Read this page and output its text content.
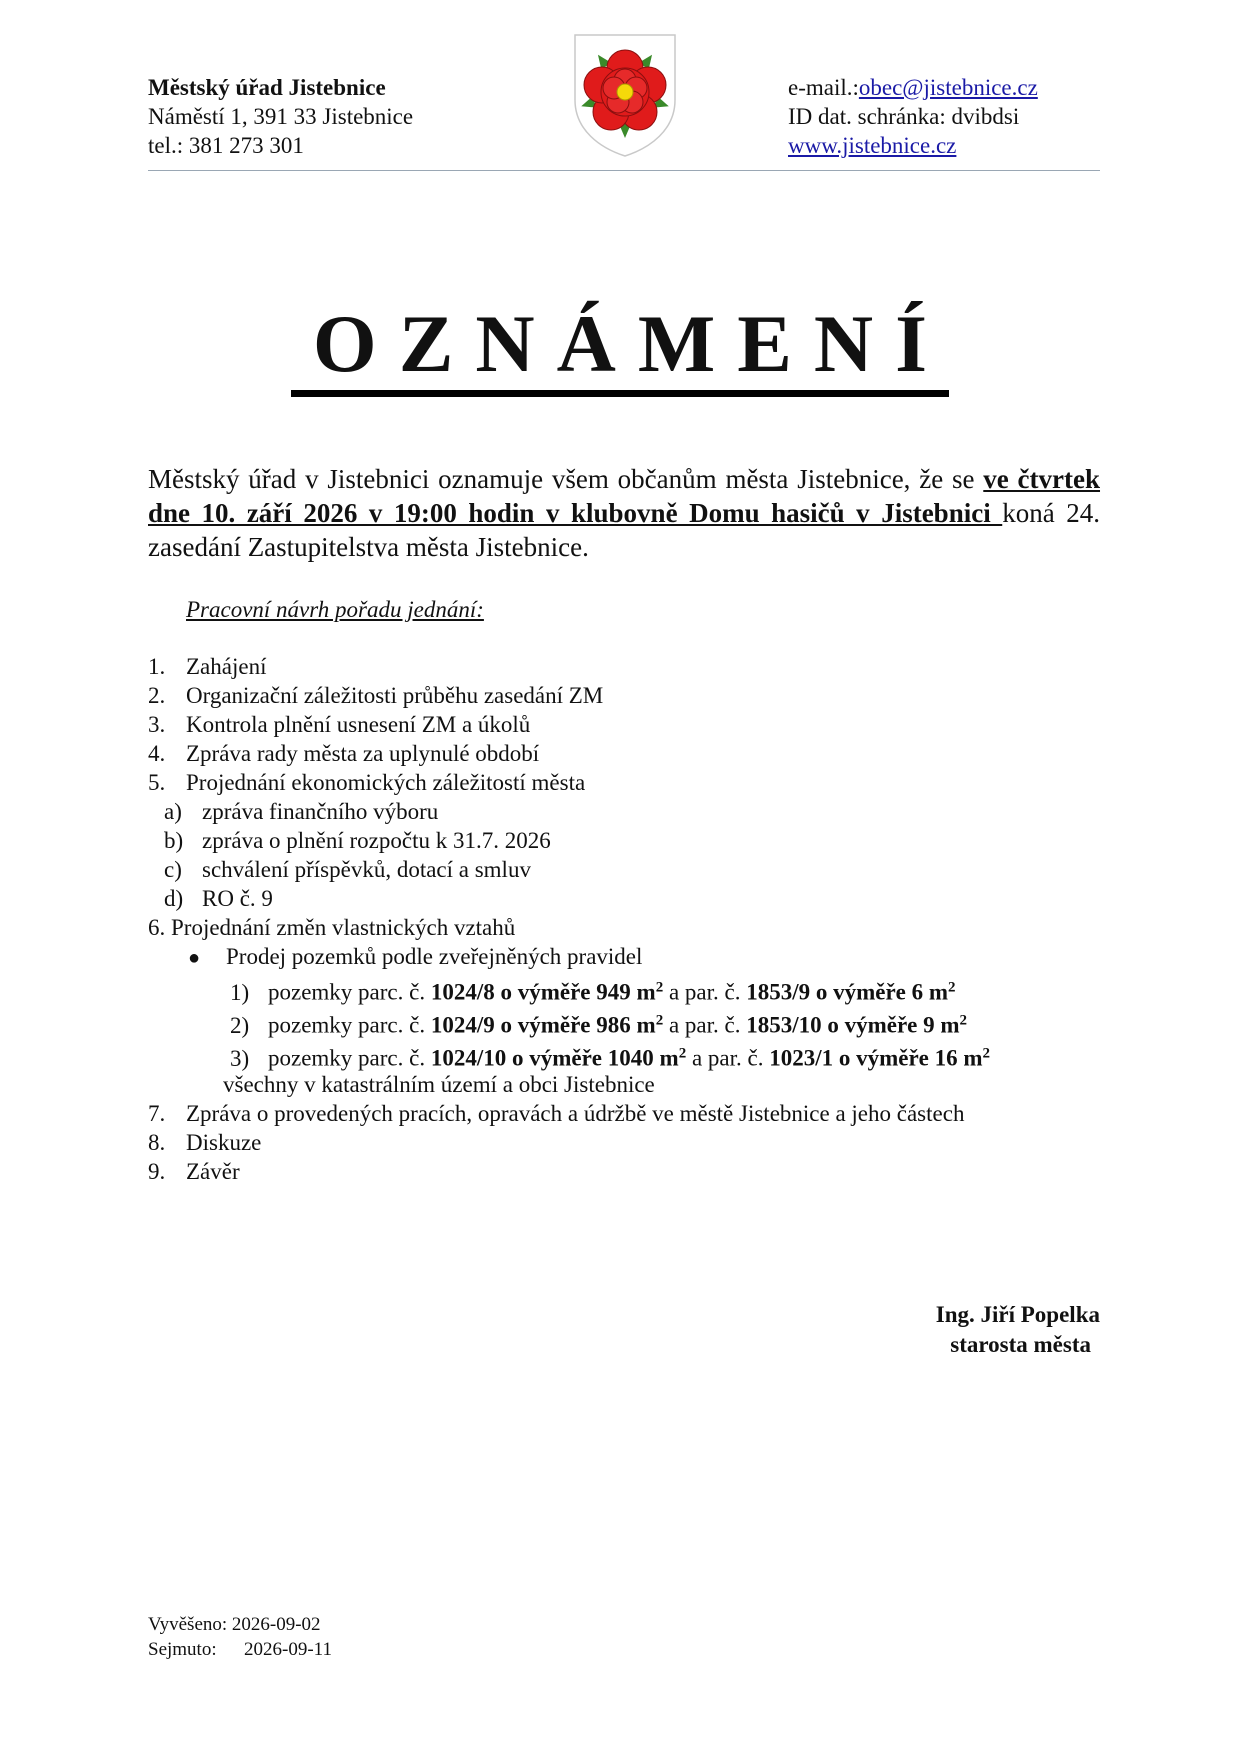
Městský úřad Jistebnice
Náměstí 1, 391 33 Jistebnice
tel.: 381 273 301
e-mail.:obec@jistebnice.cz
ID dat. schránka: dvibdsi
www.jistebnice.cz
OZNÁMENÍ
Městský úřad v Jistebnici oznamuje všem občanům města Jistebnice, že se ve čtvrtek dne 10. září 2026 v 19:00 hodin v klubovně Domu hasičů v Jistebnici koná 24. zasedání Zastupitelstva města Jistebnice.
Pracovní návrh pořadu jednání:
1. Zahájení
2. Organizační záležitosti průběhu zasedání ZM
3. Kontrola plnění usnesení ZM a úkolů
4. Zpráva rady města za uplynulé období
5. Projednání ekonomických záležitostí města
a) zpráva finančního výboru
b) zpráva o plnění rozpočtu k 31.7. 2026
c) schválení příspěvků, dotací a smluv
d) RO č. 9
6. Projednání změn vlastnických vztahů
● Prodej pozemků podle zveřejněných pravidel
1) pozemky parc. č. 1024/8 o výměře 949 $m^2$ a par. č. 1853/9 o výměře 6 $m^2$
2) pozemky parc. č. 1024/9 o výměře 986 $m^2$ a par. č. 1853/10 o výměře 9 $m^2$
3) pozemky parc. č. 1024/10 o výměře 1040 $m^2$ a par. č. 1023/1 o výměře 16 $m^2$
všechny v katastrálním území a obci Jistebnice
7. Zpráva o provedených pracích, opravách a údržbě ve městě Jistebnice a jeho částech
8. Diskuze
9. Závěr
Ing. Jiří Popelka
starosta města
Vyvěšeno: 2026-09-02
Sejmuto: 2026-09-11
